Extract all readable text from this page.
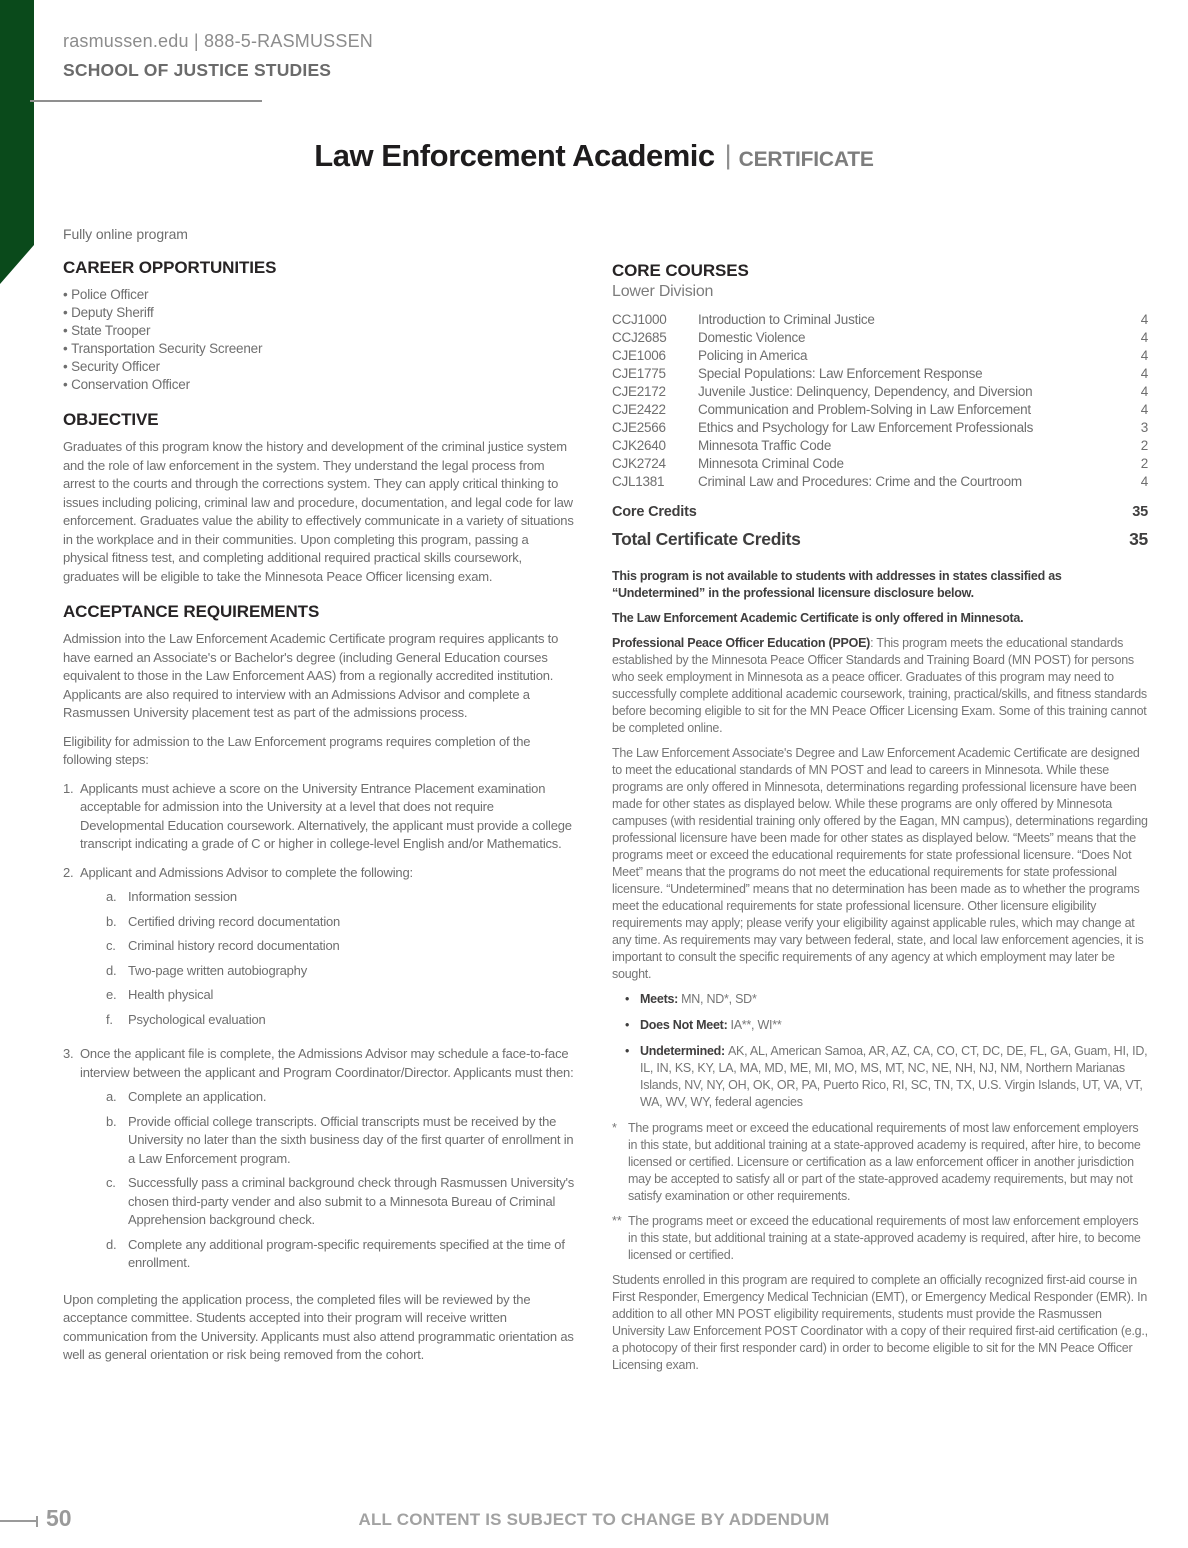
rasmussen.edu | 888-5-RASMUSSEN
SCHOOL OF JUSTICE STUDIES
Law Enforcement Academic | CERTIFICATE

Fully online program

CAREER OPPORTUNITIES
• Police Officer
• Deputy Sheriff
• State Trooper
• Transportation Security Screener
• Security Officer
• Conservation Officer
OBJECTIVE

Graduates of this program know the history and development of the criminal justice system and the role of law enforcement in the system. They understand the legal process from arrest to the courts and through the corrections system. They can apply critical thinking to issues including policing, criminal law and procedure, documentation, and legal code for law enforcement. Graduates value the ability to effectively communicate in a variety of situations in the workplace and in their communities. Upon completing this program, passing a physical fitness test, and completing additional required practical skills coursework, graduates will be eligible to take the Minnesota Peace Officer licensing exam.

ACCEPTANCE REQUIREMENTS

Admission into the Law Enforcement Academic Certificate program requires applicants to have earned an Associate's or Bachelor's degree (including General Education courses equivalent to those in the Law Enforcement AAS) from a regionally accredited institution. Applicants are also required to interview with an Admissions Advisor and complete a Rasmussen University placement test as part of the admissions process.

Eligibility for admission to the Law Enforcement programs requires completion of the following steps:

1. Applicants must achieve a score on the University Entrance Placement examination acceptable for admission into the University at a level that does not require Developmental Education coursework. Alternatively, the applicant must provide a college transcript indicating a grade of C or higher in college-level English and/or Mathematics.

2. Applicant and Admissions Advisor to complete the following:

a. Information session
b. Certified driving record documentation
c. Criminal history record documentation
d. Two-page written autobiography
e. Health physical
f.	Psychological evaluation
3. Once the applicant file is complete, the Admissions Advisor may schedule a face-to-face interview between the applicant and Program Coordinator/Director. Applicants must then:

a. Complete an application.
b. Provide official college transcripts. Official transcripts must be received by the University no later than the sixth business day of the first quarter of enrollment in a Law Enforcement program.
c. Successfully pass a criminal background check through Rasmussen University's chosen third-party vender and also submit to a Minnesota Bureau of Criminal Apprehension background check.
d. Complete any additional program-specific requirements specified at the time of enrollment.

Upon completing the application process, the completed files will be reviewed by the acceptance committee. Students accepted into their program will receive written communication from the University. Applicants must also attend programmatic orientation as well as general orientation or risk being removed from the cohort.

CORE COURSES
Lower Division
CCJ1000	Introduction to Criminal Justice	4
CCJ2685	Domestic Violence	4
CJE1006	Policing in America	4
CJE1775	Special Populations: Law Enforcement Response	4
CJE2172	Juvenile Justice: Delinquency, Dependency, and Diversion	4
CJE2422	Communication and Problem-Solving in Law Enforcement	4
CJE2566	Ethics and Psychology for Law Enforcement Professionals	3
CJK2640	Minnesota Traffic Code	2
CJK2724	Minnesota Criminal Code	2
CJL1381	Criminal Law and Procedures: Crime and the Courtroom	4
Core Credits	35
Total Certificate Credits	35

This program is not available to students with addresses in states classified as “Undetermined” in the professional licensure disclosure below.

The Law Enforcement Academic Certificate is only offered in Minnesota.

Professional Peace Officer Education (PPOE): This program meets the educational standards established by the Minnesota Peace Officer Standards and Training Board (MN POST) for persons who seek employment in Minnesota as a peace officer. Graduates of this program may need to successfully complete additional academic coursework, training, practical/skills, and fitness standards before becoming eligible to sit for the MN Peace Officer Licensing Exam. Some of this training cannot be completed online.

The Law Enforcement Associate's Degree and Law Enforcement Academic Certificate are designed to meet the educational standards of MN POST and lead to careers in Minnesota. While these programs are only offered in Minnesota, determinations regarding professional licensure have been made for other states as displayed below. While these programs are only offered by Minnesota campuses (with residential training only offered by the Eagan, MN campus), determinations regarding professional licensure have been made for other states as displayed below. “Meets” means that the programs meet or exceed the educational requirements for state professional licensure. “Does Not Meet” means that the programs do not meet the educational requirements for state professional licensure. “Undetermined” means that no determination has been made as to whether the programs meet the educational requirements for state professional licensure. Other licensure eligibility requirements may apply; please verify your eligibility against applicable rules, which may change at any time. As requirements may vary between federal, state, and local law enforcement agencies, it is important to consult the specific requirements of any agency at which employment may later be sought.

• Meets: MN, ND*, SD*

• Does Not Meet: IA**, WI**

• Undetermined: AK, AL, American Samoa, AR, AZ, CA, CO, CT, DC, DE, FL, GA, Guam, HI, ID, IL, IN, KS, KY, LA, MA, MD, ME, MI, MO, MS, MT, NC, NE, NH, NJ, NM, Northern Marianas Islands, NV, NY, OH, OK, OR, PA, Puerto Rico, RI, SC, TN, TX, U.S. Virgin Islands, UT, VA, VT, WA, WV, WY, federal agencies

* The programs meet or exceed the educational requirements of most law enforcement employers in this state, but additional training at a state-approved academy is required, after hire, to become licensed or certified. Licensure or certification as a law enforcement officer in another jurisdiction may be accepted to satisfy all or part of the state-approved academy requirements, but may not satisfy examination or other requirements.
** The programs meet or exceed the educational requirements of most law enforcement employers in this state, but additional training at a state-approved academy is required, after hire, to become licensed or certified.

Students enrolled in this program are required to complete an officially recognized first-aid course in First Responder, Emergency Medical Technician (EMT), or Emergency Medical Responder (EMR). In addition to all other MN POST eligibility requirements, students must provide the Rasmussen University Law Enforcement POST Coordinator with a copy of their required first-aid certification (e.g., a photocopy of their first responder card) in order to become eligible to sit for the MN Peace Officer Licensing exam.

50	ALL CONTENT IS SUBJECT TO CHANGE BY ADDENDUM
